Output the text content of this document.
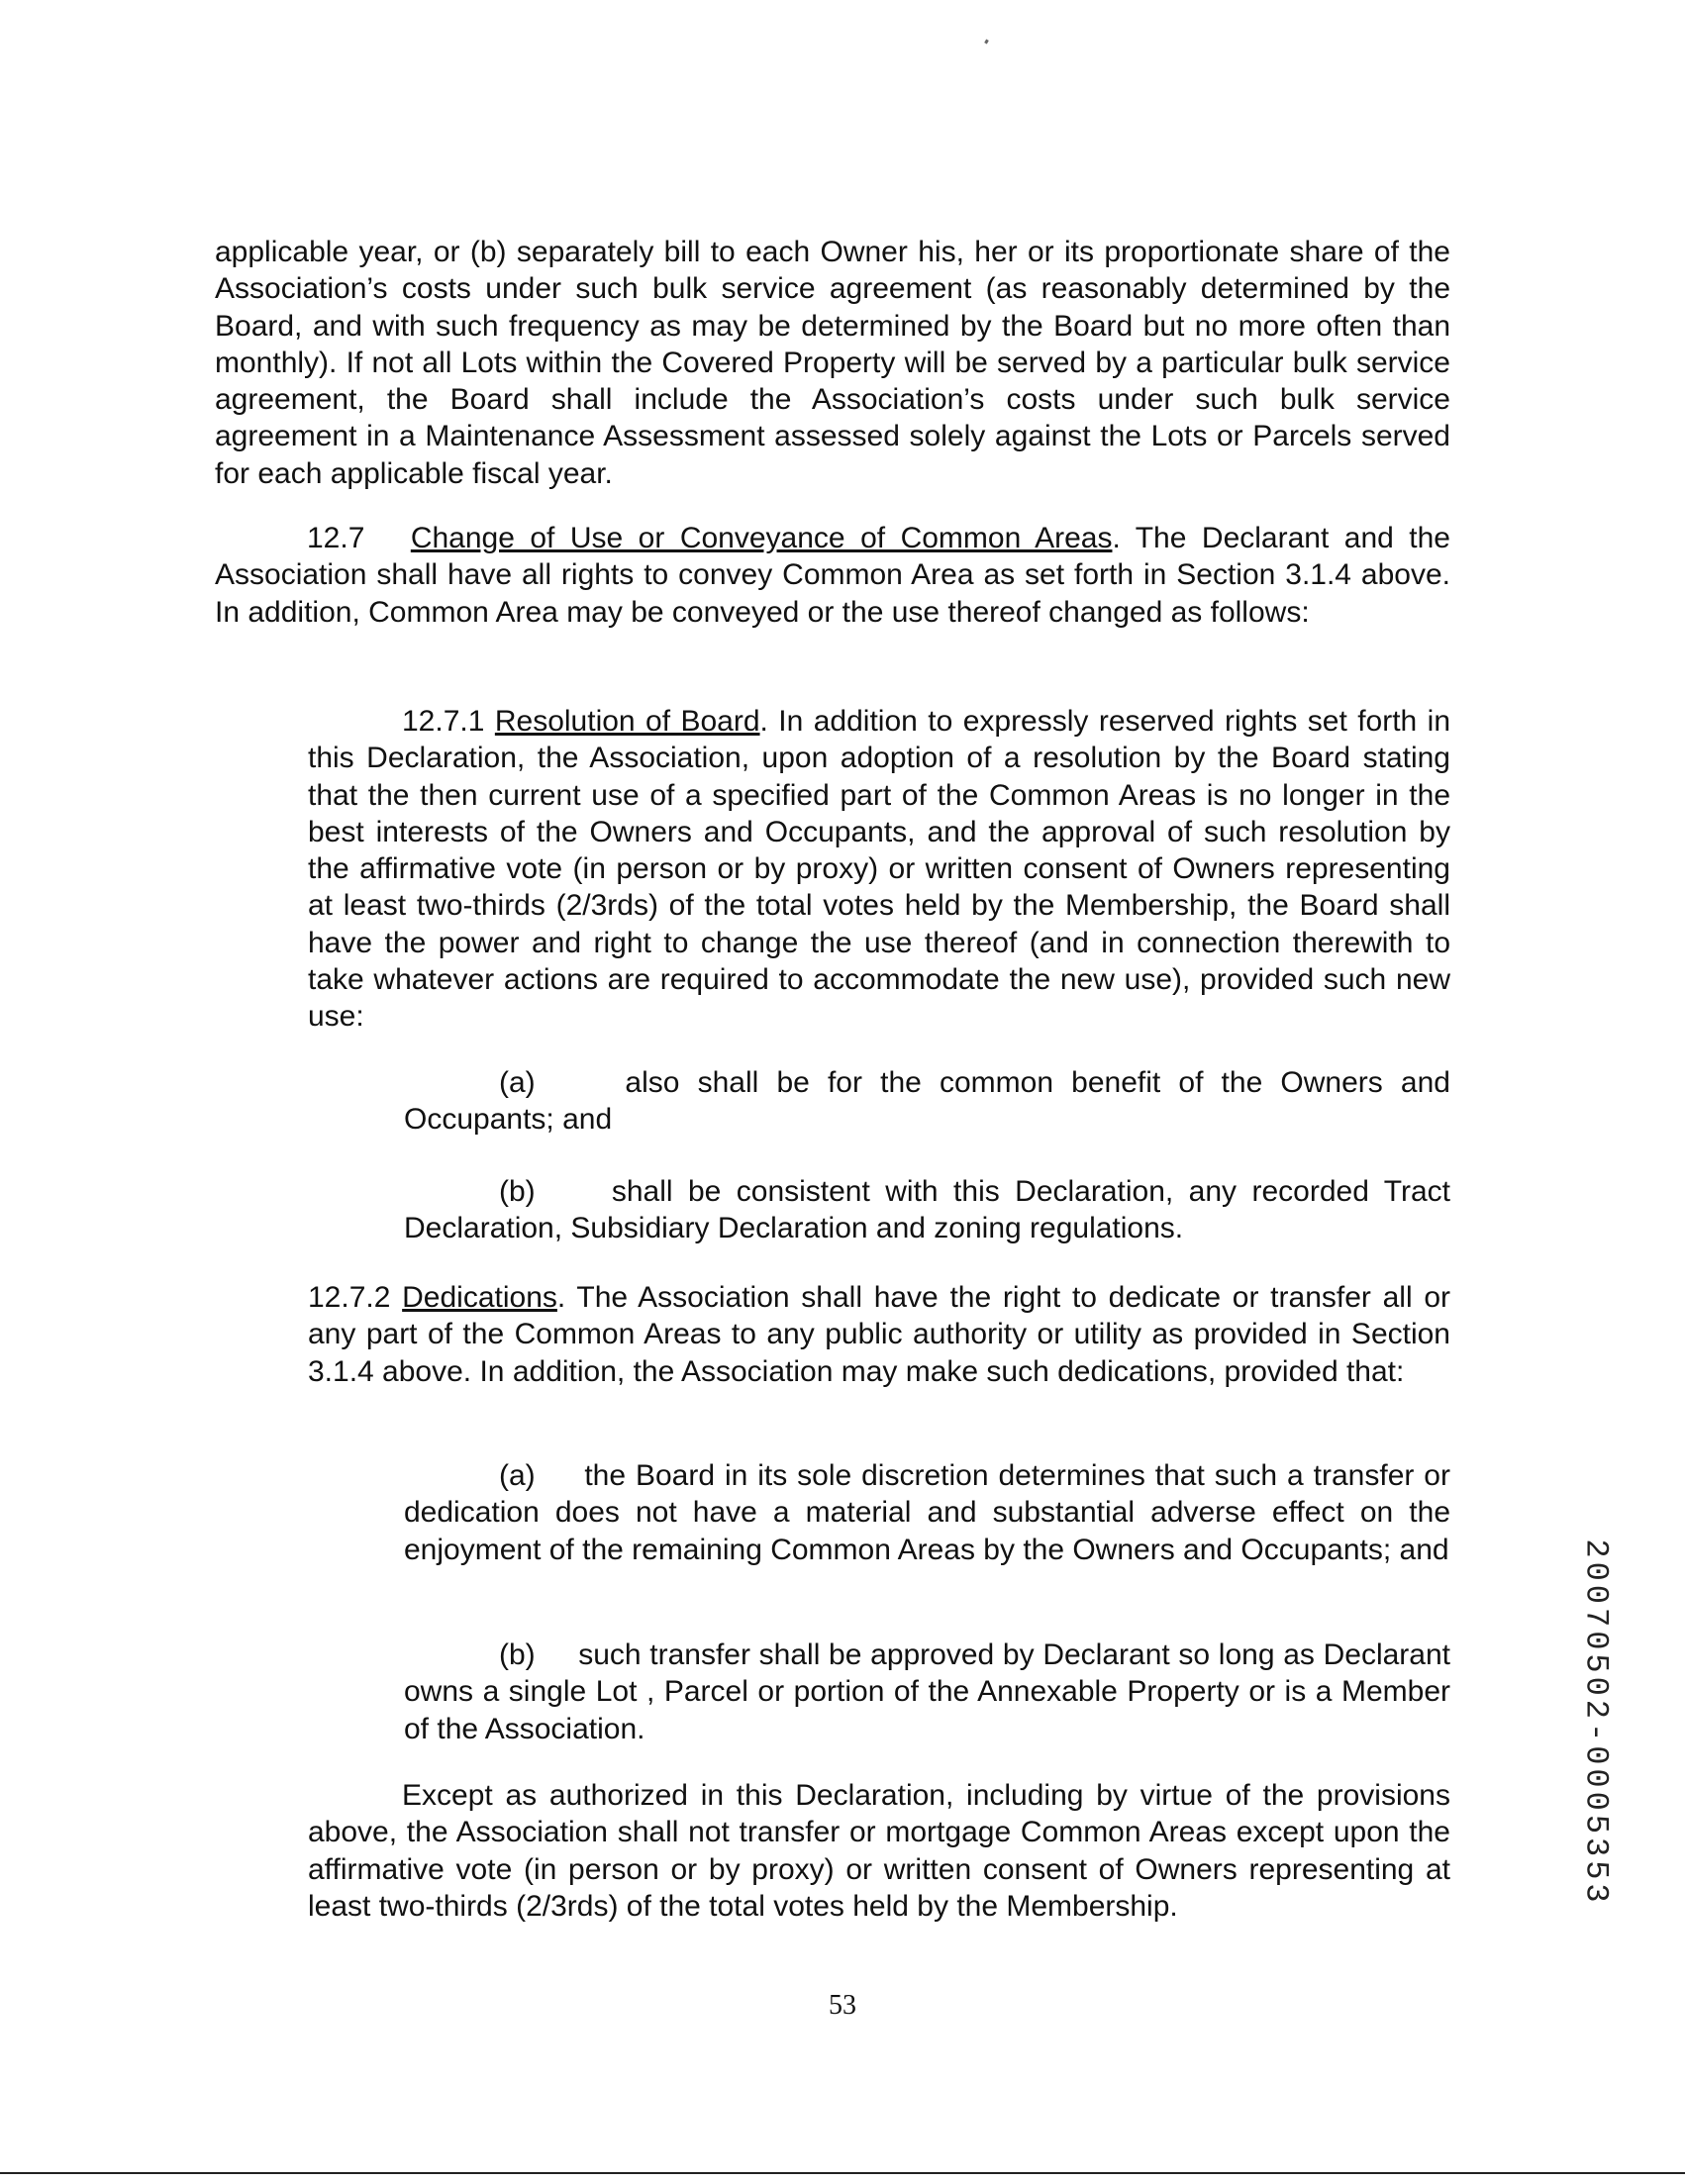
applicable year, or (b) separately bill to each Owner his, her or its proportionate share of the Association’s costs under such bulk service agreement (as reasonably determined by the Board, and with such frequency as may be determined by the Board but no more often than monthly). If not all Lots within the Covered Property will be served by a particular bulk service agreement, the Board shall include the Association’s costs under such bulk service agreement in a Maintenance Assessment assessed solely against the Lots or Parcels served for each applicable fiscal year.
12.7 Change of Use or Conveyance of Common Areas. The Declarant and the Association shall have all rights to convey Common Area as set forth in Section 3.1.4 above. In addition, Common Area may be conveyed or the use thereof changed as follows:
12.7.1 Resolution of Board. In addition to expressly reserved rights set forth in this Declaration, the Association, upon adoption of a resolution by the Board stating that the then current use of a specified part of the Common Areas is no longer in the best interests of the Owners and Occupants, and the approval of such resolution by the affirmative vote (in person or by proxy) or written consent of Owners representing at least two-thirds (2/3rds) of the total votes held by the Membership, the Board shall have the power and right to change the use thereof (and in connection therewith to take whatever actions are required to accommodate the new use), provided such new use:
(a)	also shall be for the common benefit of the Owners and Occupants; and
(b)	shall be consistent with this Declaration, any recorded Tract Declaration, Subsidiary Declaration and zoning regulations.
12.7.2 Dedications. The Association shall have the right to dedicate or transfer all or any part of the Common Areas to any public authority or utility as provided in Section 3.1.4 above. In addition, the Association may make such dedications, provided that:
(a) the Board in its sole discretion determines that such a transfer or dedication does not have a material and substantial adverse effect on the enjoyment of the remaining Common Areas by the Owners and Occupants; and
(b) such transfer shall be approved by Declarant so long as Declarant owns a single Lot , Parcel or portion of the Annexable Property or is a Member of the Association.
Except as authorized in this Declaration, including by virtue of the provisions above, the Association shall not transfer or mortgage Common Areas except upon the affirmative vote (in person or by proxy) or written consent of Owners representing at least two-thirds (2/3rds) of the total votes held by the Membership.
53
20070502-0005353
